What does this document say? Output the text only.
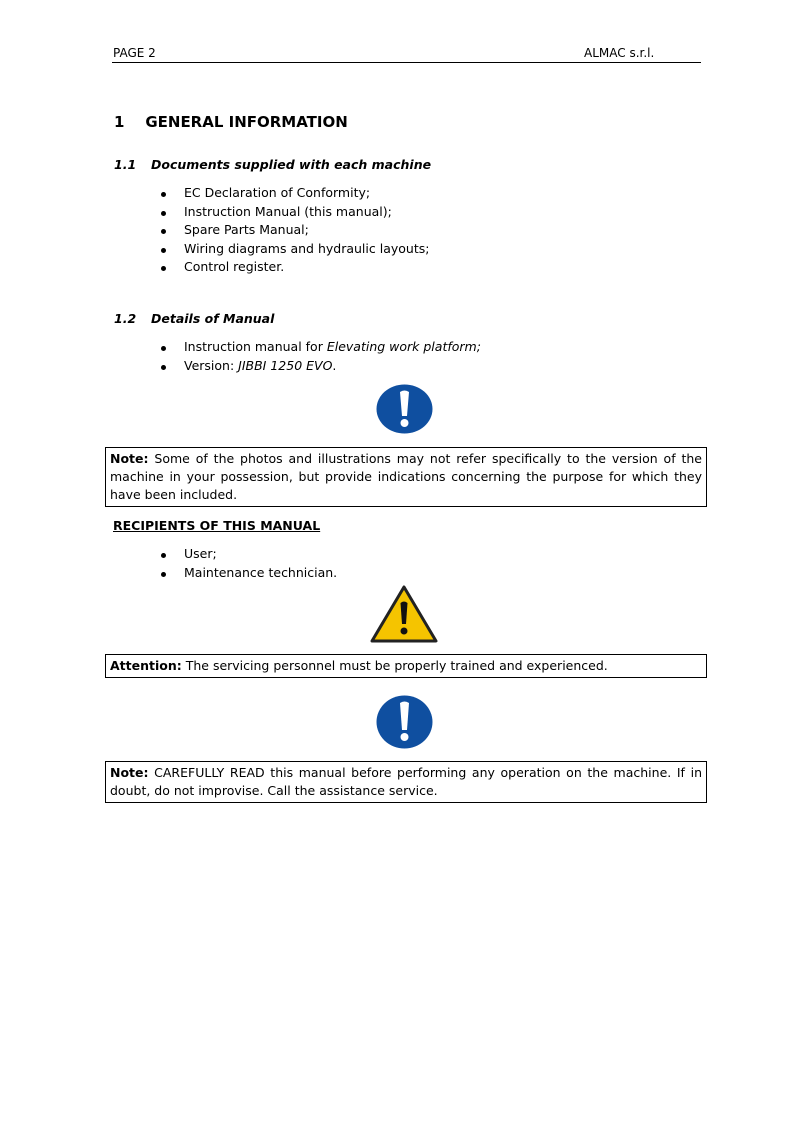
PAGE 2	ALMAC s.r.l.
1 GENERAL INFORMATION
1.1 Documents supplied with each machine
EC Declaration of Conformity;
Instruction Manual (this manual);
Spare Parts Manual;
Wiring diagrams and hydraulic layouts;
Control register.
1.2 Details of Manual
Instruction manual for Elevating work platform;
Version: JIBBI 1250 EVO.
Note: Some of the photos and illustrations may not refer specifically to the version of the machine in your possession, but provide indications concerning the purpose for which they have been included.
RECIPIENTS OF THIS MANUAL
User;
Maintenance technician.
Attention: The servicing personnel must be properly trained and experienced.
Note: CAREFULLY READ this manual before performing any operation on the machine. If in doubt, do not improvise. Call the assistance service.
